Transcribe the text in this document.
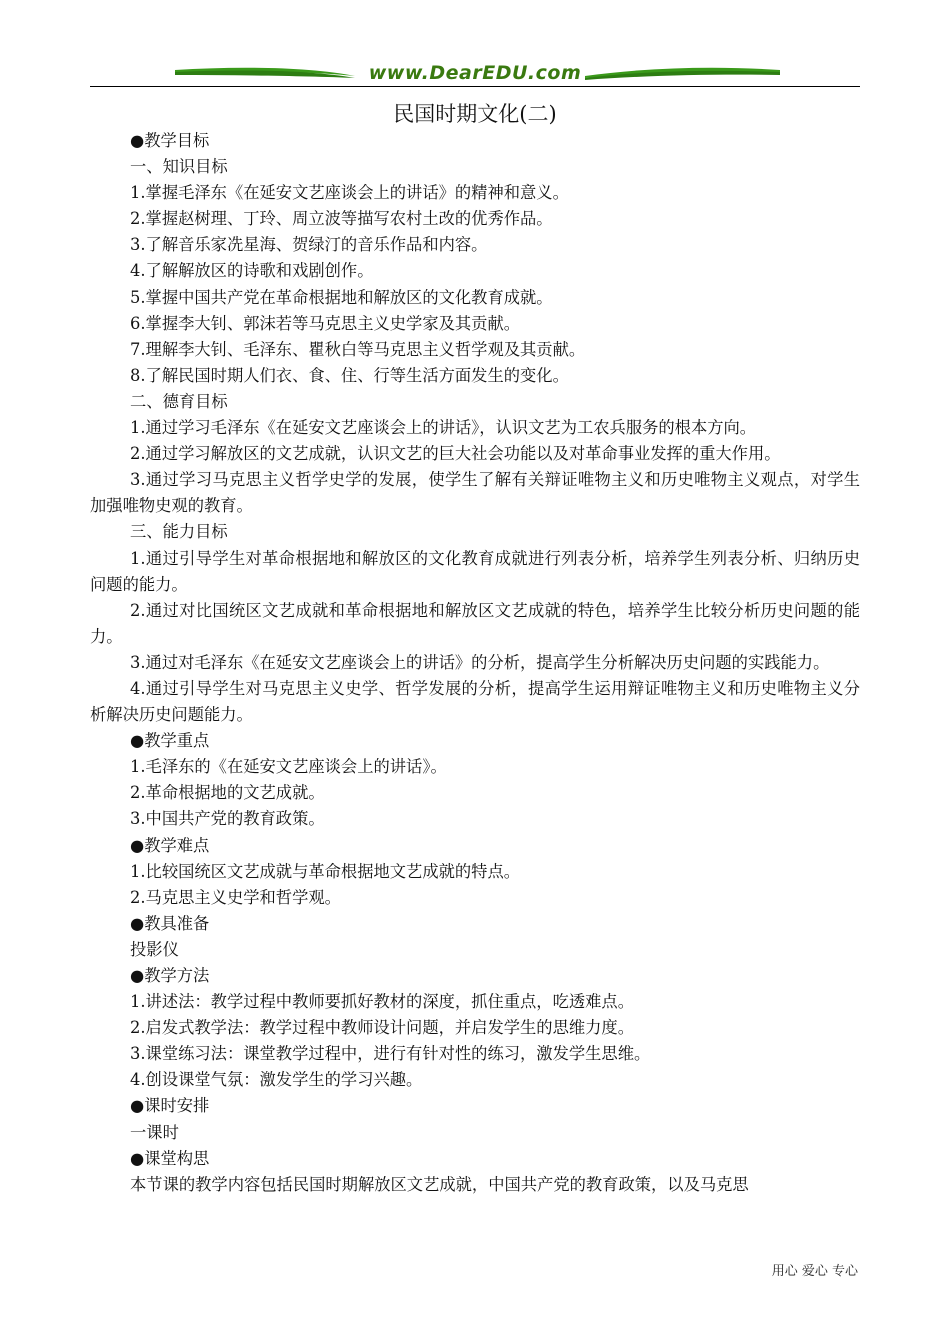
www.DearEDU.com
民国时期文化(二)

●教学目标

一、知识目标

1.掌握毛泽东《在延安文艺座谈会上的讲话》的精神和意义。

2.掌握赵树理、丁玲、周立波等描写农村土改的优秀作品。

3.了解音乐家冼星海、贺绿汀的音乐作品和内容。

4.了解解放区的诗歌和戏剧创作。

5.掌握中国共产党在革命根据地和解放区的文化教育成就。

6.掌握李大钊、郭沫若等马克思主义史学家及其贡献。

7.理解李大钊、毛泽东、瞿秋白等马克思主义哲学观及其贡献。

8.了解民国时期人们衣、食、住、行等生活方面发生的变化。

二、德育目标

1.通过学习毛泽东《在延安文艺座谈会上的讲话》，认识文艺为工农兵服务的根本方向。

2.通过学习解放区的文艺成就，认识文艺的巨大社会功能以及对革命事业发挥的重大作用。

3.通过学习马克思主义哲学史学的发展，使学生了解有关辩证唯物主义和历史唯物主义观点，对学生加强唯物史观的教育。

三、能力目标

1.通过引导学生对革命根据地和解放区的文化教育成就进行列表分析，培养学生列表分析、归纳历史问题的能力。

2.通过对比国统区文艺成就和革命根据地和解放区文艺成就的特色，培养学生比较分析历史问题的能力。

3.通过对毛泽东《在延安文艺座谈会上的讲话》的分析，提高学生分析解决历史问题的实践能力。

4.通过引导学生对马克思主义史学、哲学发展的分析，提高学生运用辩证唯物主义和历史唯物主义分析解决历史问题能力。

●教学重点

1.毛泽东的《在延安文艺座谈会上的讲话》。

2.革命根据地的文艺成就。

3.中国共产党的教育政策。

●教学难点

1.比较国统区文艺成就与革命根据地文艺成就的特点。

2.马克思主义史学和哲学观。

●教具准备

投影仪

●教学方法

1.讲述法：教学过程中教师要抓好教材的深度，抓住重点，吃透难点。

2.启发式教学法：教学过程中教师设计问题，并启发学生的思维力度。

3.课堂练习法：课堂教学过程中，进行有针对性的练习，激发学生思维。

4.创设课堂气氛：激发学生的学习兴趣。

●课时安排

一课时

●课堂构思

本节课的教学内容包括民国时期解放区文艺成就，中国共产党的教育政策，以及马克思

用心 爱心 专心
